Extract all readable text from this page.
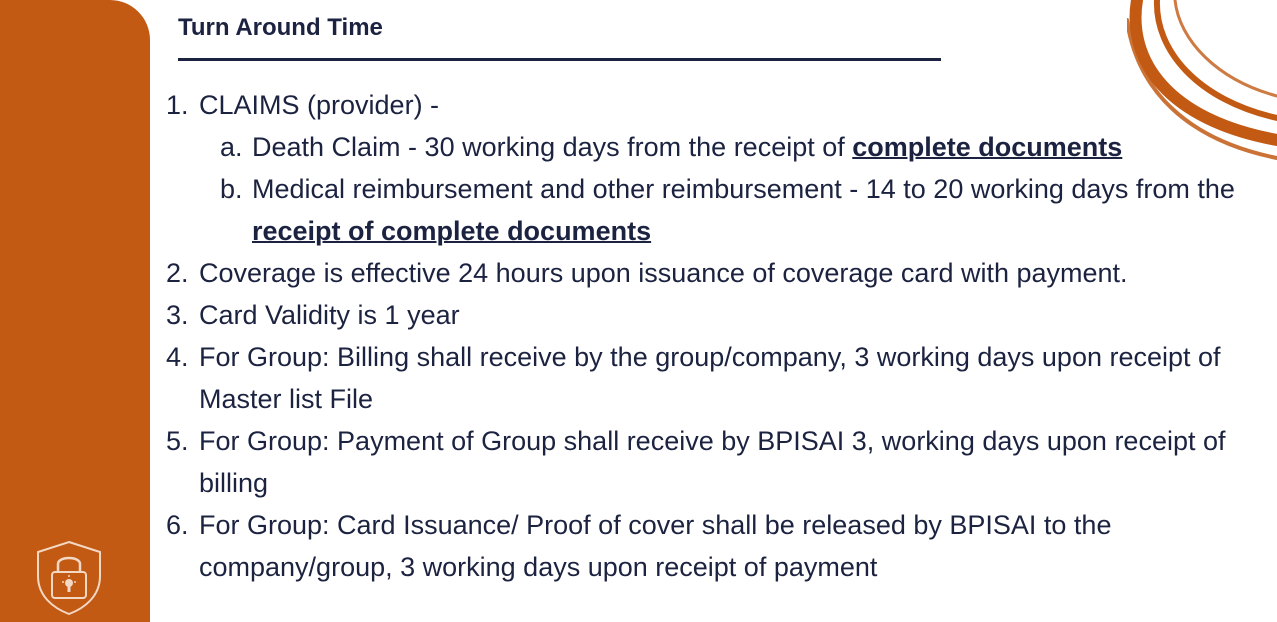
Turn Around Time
1. CLAIMS (provider) -
a. Death Claim - 30 working days from the receipt of complete documents
b. Medical reimbursement and other reimbursement - 14 to 20 working days from the receipt of complete documents
2. Coverage is effective 24 hours upon issuance of coverage card with payment.
3. Card Validity is 1 year
4. For Group: Billing shall receive by the group/company, 3 working days upon receipt of Master list File
5. For Group: Payment of Group shall receive by BPISAI 3, working days upon receipt of billing
6. For Group: Card Issuance/ Proof of cover shall be released by BPISAI to the company/group, 3 working days upon receipt of payment
